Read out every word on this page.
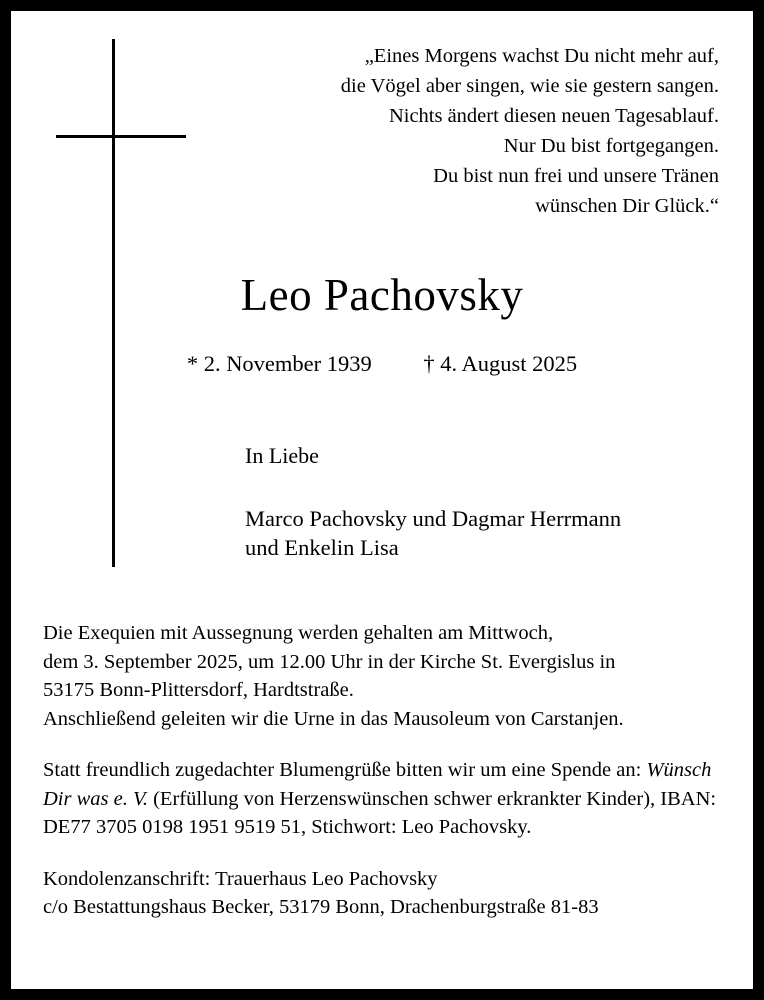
„Eines Morgens wachst Du nicht mehr auf,
die Vögel aber singen, wie sie gestern sangen.
Nichts ändert diesen neuen Tagesablauf.
Nur Du bist fortgegangen.
Du bist nun frei und unsere Tränen
wünschen Dir Glück.“
Leo Pachovsky
* 2. November 1939 † 4. August 2025
In Liebe
Marco Pachovsky und Dagmar Herrmann
und Enkelin Lisa

Die Exequien mit Aussegnung werden gehalten am Mittwoch,
dem 3. September 2025, um 12.00 Uhr in der Kirche St. Evergislus in
53175 Bonn-Plittersdorf, Hardtstraße.
Anschließend geleiten wir die Urne in das Mausoleum von Carstanjen.

Statt freundlich zugedachter Blumengrüße bitten wir um eine Spende an: Wünsch Dir was e. V. (Erfüllung von Herzenswünschen schwer erkrankter Kinder), IBAN: DE77 3705 0198 1951 9519 51, Stichwort: Leo Pachovsky.

Kondolenzanschrift: Trauerhaus Leo Pachovsky
c/o Bestattungshaus Becker, 53179 Bonn, Drachenburgstraße 81-83
